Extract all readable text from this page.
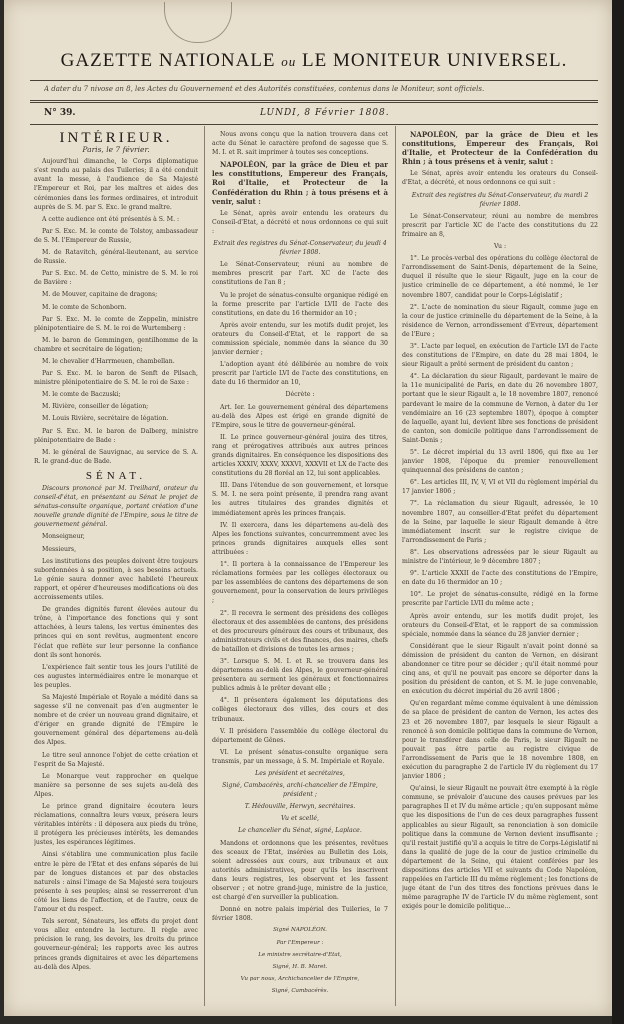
GAZETTE NATIONALE ou LE MONITEUR UNIVERSEL.
A dater du 7 nivose an 8, les Actes du Gouvernement et des Autorités constituées, contenus dans le Moniteur, sont officiels.
N° 39.	LUNDI, 8 Février 1808.
INTÉRIEUR.
Paris, le 7 février.

Aujourd'hui dimanche, le Corps diplomatique s'est rendu au palais des Tuileries; il a été conduit avant la messe, à l'audience de Sa Majesté l'Empereur et Roi, par les maîtres et aides des cérémonies dans les formes ordinaires, et introduit auprès de S. M. par S. Exc. le grand maître.

A cette audience ont été présentés à S. M. :

Par S. Exc. M. le comte de Tolstoy, ambassadeur de S. M. l'Empereur de Russie,

M. de Ratavitch, général-lieutenant, au service de Russie.

Par S. Exc. M. de Cetto, ministre de S. M. le roi de Bavière :

M. de Mouver, capitaine de dragons;

M. le comte de Schonborn.

Par S. Exc. M. le comte de Zeppelin, ministre plénipotentiaire de S. M. le roi de Wurtemberg :

M. le baron de Gemmingen, gentilhomme de la chambre et secrétaire de légation;

M. le chevalier d'Harrmeuen, chambellan.

Par S. Exc. M. le baron de Senft de Pilsach, ministre plénipotentiaire de S. M. le roi de Saxe :

M. le comte de Baczuski;

M. Rivière, conseiller de légation;

M. Louis Rivière, secrétaire de légation.

Par S. Exc. M. le baron de Dalberg, ministre plénipotentiaire de Bade :

M. le général de Sauvignac, au service de S. A. R. le grand-duc de Bade.

SÉNAT.

Discours prononcé par M. Treilhard, orateur du conseil-d'état, en présentant au Sénat le projet de sénatus-consulte organique, portant création d'une nouvelle grande dignité de l'Empire, sous le titre de gouvernement général.

Monseigneur,

Messieurs,

Les institutions des peuples doivent être toujours subordonnées à sa position, à ses besoins actuels. Le génie saura donner avec habileté l'heureux rapport, et opérer d'heureuses modifications où des accroissements utiles.

De grandes dignités furent élevées autour du trône, à l'importance des fonctions qui y sont attachées, à leurs talens, les vertus éminentes des princes qui en sont revêtus, augmentent encore l'éclat que reflète sur leur personne la confiance dont ils sont honorés.

L'expérience fait sentir tous les jours l'utilité de ces augustes intermédiaires entre le monarque et les peuples.

Sa Majesté Impériale et Royale a médité dans sa sagesse s'il ne convenait pas d'en augmenter le nombre et de créer un nouveau grand dignitaire, et d'ériger en grande dignité de l'Empire le gouvernement général des départemens au-delà des Alpes.

Le titre seul annonce l'objet de cette création et l'esprit de Sa Majesté.

Le Monarque veut rapprocher en quelque manière sa personne de ses sujets au-delà des Alpes.

Le prince grand dignitaire écoutera leurs réclamations, connaîtra leurs vœux, présera leurs véritables intérêts : il déposera aux pieds du trône, il protégera les précieuses intérêts, les demandes justes, les espérances légitimes.

Ainsi s'établira une communication plus facile entre le père de l'Etat et des enfans séparés de lui par de longues distances et par des obstacles naturels : ainsi l'image de Sa Majesté sera toujours présente à ses peuples; ainsi se resserreront d'un côté les liens de l'affection, et de l'autre, ceux de l'amour et du respect.

Tels seront, Sénateurs, les effets du projet dont vous allez entendre la lecture. Il règle avec précision le rang, les devoirs, les droits du prince gouverneur-général; les rapports avec les autres princes grands dignitaires et avec les départemens au-delà des Alpes.

Nous avons conçu que la nation trouvera dans cet acte du Sénat le caractère profond de sagesse que S. M. I. et R. sait imprimer à toutes ses conceptions.

NAPOLÉON, par la grâce de Dieu et par les constitutions, Empereur des Français, Roi d'Italie, et Protecteur de la Confédération du Rhin ; à tous présens et à venir, salut :

Le Sénat, après avoir entendu les orateurs du Conseil-d'Etat, a décrété et nous ordonnons ce qui suit :

Extrait des registres du Sénat-Conservateur, du jeudi 4 février 1808.

Le Sénat-Conservateur, réuni au nombre de membres prescrit par l'art. XC de l'acte des constitutions de l'an 8 ;

Vu le projet de sénatus-consulte organique rédigé en la forme prescrite par l'article LVII de l'acte des constitutions, en date du 16 thermidor an 10 ;

Après avoir entendu, sur les motifs dudit projet, les orateurs du Conseil-d'Etat, et le rapport de sa commission spéciale, nommée dans la séance du 30 janvier dernier ;

L'adoption ayant été délibérée au nombre de voix prescrit par l'article LVI de l'acte des constitutions, en date du 16 thermidor an 10,

Décrète :

Art. Ier. Le gouvernement général des départemens au-delà des Alpes est érigé en grande dignité de l'Empire, sous le titre de gouverneur-général.

II. Le prince gouverneur-général jouira des titres, rang et prérogatives attribués aux autres princes grands dignitaires. En conséquence les dispositions des articles XXXIV, XXXV, XXXVI, XXXVII et LX de l'acte des constitutions du 28 floréal an 12, lui sont applicables.

III. Dans l'étendue de son gouvernement, et lorsque S. M. I. ne sera point présente, il prendra rang avant les autres titulaires des grandes dignités et immédiatement après les princes français.

IV. Il exercera, dans les départemens au-delà des Alpes les fonctions suivantes, concurremment avec les princes grands dignitaires auxquels elles sont attribuées :

1°. Il portera à la connaissance de l'Empereur les réclamations formées par les collèges électoraux ou par les assemblées de cantons des départemens de son gouvernement, pour la conservation de leurs privilèges ;

2°. Il recevra le serment des présidens des collèges électoraux et des assemblées de cantons, des présidens et des procureurs généraux des cours et tribunaux, des administrateurs civils et des finances, des maires, chefs de bataillon et divisions de toutes les armes ;

3°. Lorsque S. M. I. et R. se trouvera dans les départemens au-delà des Alpes, le gouverneur-général présentera au serment les généraux et fonctionnaires publics admis à le prêter devant elle ;

4°. Il présentera également les députations des collèges électoraux des villes, des cours et des tribunaux.

V. Il présidera l'assemblée du collège électoral du département de Gênes.

VI. Le présent sénatus-consulte organique sera transmis, par un message, à S. M. Impériale et Royale.

Les président et secrétaires,

Signé, Cambacérès, archi-chancelier de l'Empire, président ;

T. Hédouville, Herwyn, secrétaires.

Vu et scellé,

Le chancelier du Sénat, signé, Laplace.

Mandons et ordonnons que les présentes, revêtues des sceaux de l'Etat, insérées au Bulletin des Lois, soient adressées aux cours, aux tribunaux et aux autorités administratives, pour qu'ils les inscrivent dans leurs registres, les observent et les fassent observer ; et notre grand-juge, ministre de la justice, est chargé d'en surveiller la publication.

Donné en notre palais impérial des Tuileries, le 7 février 1808.

Signé NAPOLÉON.

Par l'Empereur :

Le ministre secrétaire-d'Etat,

Signé, H. B. Maret.

Vu par nous, Archichancelier de l'Empire,

Signé, Cambacérès.

NAPOLÉON, par la grâce de Dieu et les constitutions, Empereur des Français, Roi d'Italie, et Protecteur de la Confédération du Rhin ; à tous présens et à venir, salut :

Le Sénat, après avoir entendu les orateurs du Conseil-d'Etat, a décrété, et nous ordonnons ce qui suit :

Extrait des registres du Sénat-Conservateur, du mardi 2 février 1808.

Le Sénat-Conservateur, réuni au nombre de membres prescrit par l'article XC de l'acte des constitutions du 22 frimaire an 8,

Vu :

1°. Le procès-verbal des opérations du collège électoral de l'arrondissement de Saint-Denis, département de la Seine, duquel il résulte que le sieur Rigault, juge en la cour de justice criminelle de ce département, a été nommé, le 1er novembre 1807, candidat pour le Corps-Législatif ;

2°. L'acte de nomination du sieur Rigault, comme juge en la cour de justice criminelle du département de la Seine, à la résidence de Vernon, arrondissement d'Evreux, département de l'Eure ;

3°. L'acte par lequel, en exécution de l'article LVI de l'acte des constitutions de l'Empire, en date du 28 mai 1804, le sieur Rigault a prêté serment de président du canton ;

4°. La déclaration du sieur Rigault, pardevant le maire de la 11e municipalité de Paris, en date du 26 novembre 1807, portant que le sieur Rigault a, le 18 novembre 1807, renoncé pardevant le maire de la commune de Vernon, à dater du 1er vendémiaire an 16 (23 septembre 1807), époque à compter de laquelle, ayant lui, devient libre ses fonctions de président de canton, son domicile politique dans l'arrondissement de Saint-Denis ;

5°. Le décret impérial du 13 avril 1806, qui fixe au 1er janvier 1808, l'époque du premier renouvellement quinquennal des présidens de canton ;

6°. Les articles III, IV, V, VI et VII du règlement impérial du 17 janvier 1806 ;

7°. La réclamation du sieur Rigault, adressée, le 10 novembre 1807, au conseiller-d'Etat préfet du département de la Seine, par laquelle le sieur Rigault demande à être immédiatement inscrit sur le registre civique de l'arrondissement de Paris ;

8°. Les observations adressées par le sieur Rigault au ministre de l'intérieur, le 9 décembre 1807 ;

9°. L'article XXXII de l'acte des constitutions de l'Empire, en date du 16 thermidor an 10 ;

10°. Le projet de sénatus-consulte, rédigé en la forme prescrite par l'article LVII du même acte ;

Après avoir entendu, sur les motifs dudit projet, les orateurs du Conseil-d'Etat, et le rapport de sa commission spéciale, nommée dans la séance du 28 janvier dernier ;

Considérant que le sieur Rigault n'avait point donné sa démission de président du canton de Vernon, en désirant abandonner ce titre pour se décider ; qu'il était nommé pour cinq ans, et qu'il ne pouvait pas encore se déporter dans la position du président de canton, et S. M. le juge convenable, en exécution du décret impérial du 26 avril 1806 ;

Qu'en regardant même comme équivalent à une démission de sa place de président de canton de Vernon, les actes des 23 et 26 novembre 1807, par lesquels le sieur Rigault a renoncé à son domicile politique dans la commune de Vernon, pour le transférer dans celle de Paris, le sieur Rigault ne pouvait pas être partie au registre civique de l'arrondissement de Paris que le 18 novembre 1808, en exécution du paragraphe 2 de l'article IV du règlement du 17 janvier 1806 ;

Qu'ainsi, le sieur Rigault ne pouvait être exempté à la règle commune, se prévaloir d'aucune des causes prévues par les paragraphes II et IV du même article ; qu'en supposant même que les dispositions de l'un de ces deux paragraphes fussent applicables au sieur Rigault, sa renonciation à son domicile politique dans la commune de Vernon devient insuffisante ; qu'il restait justifié qu'il a acquis le titre de Corps-Législatif ni dans la qualité de juge de la cour de justice criminelle du département de la Seine, qui étaient conférées par les dispositions des articles VII et suivants du Code Napoléon, rappelées en l'article III du même règlement ; les fonctions de juge étant de l'un des titres des fonctions prévues dans le même paragraphe IV de l'article IV du même règlement, sont exigés pour le domicile politique...
